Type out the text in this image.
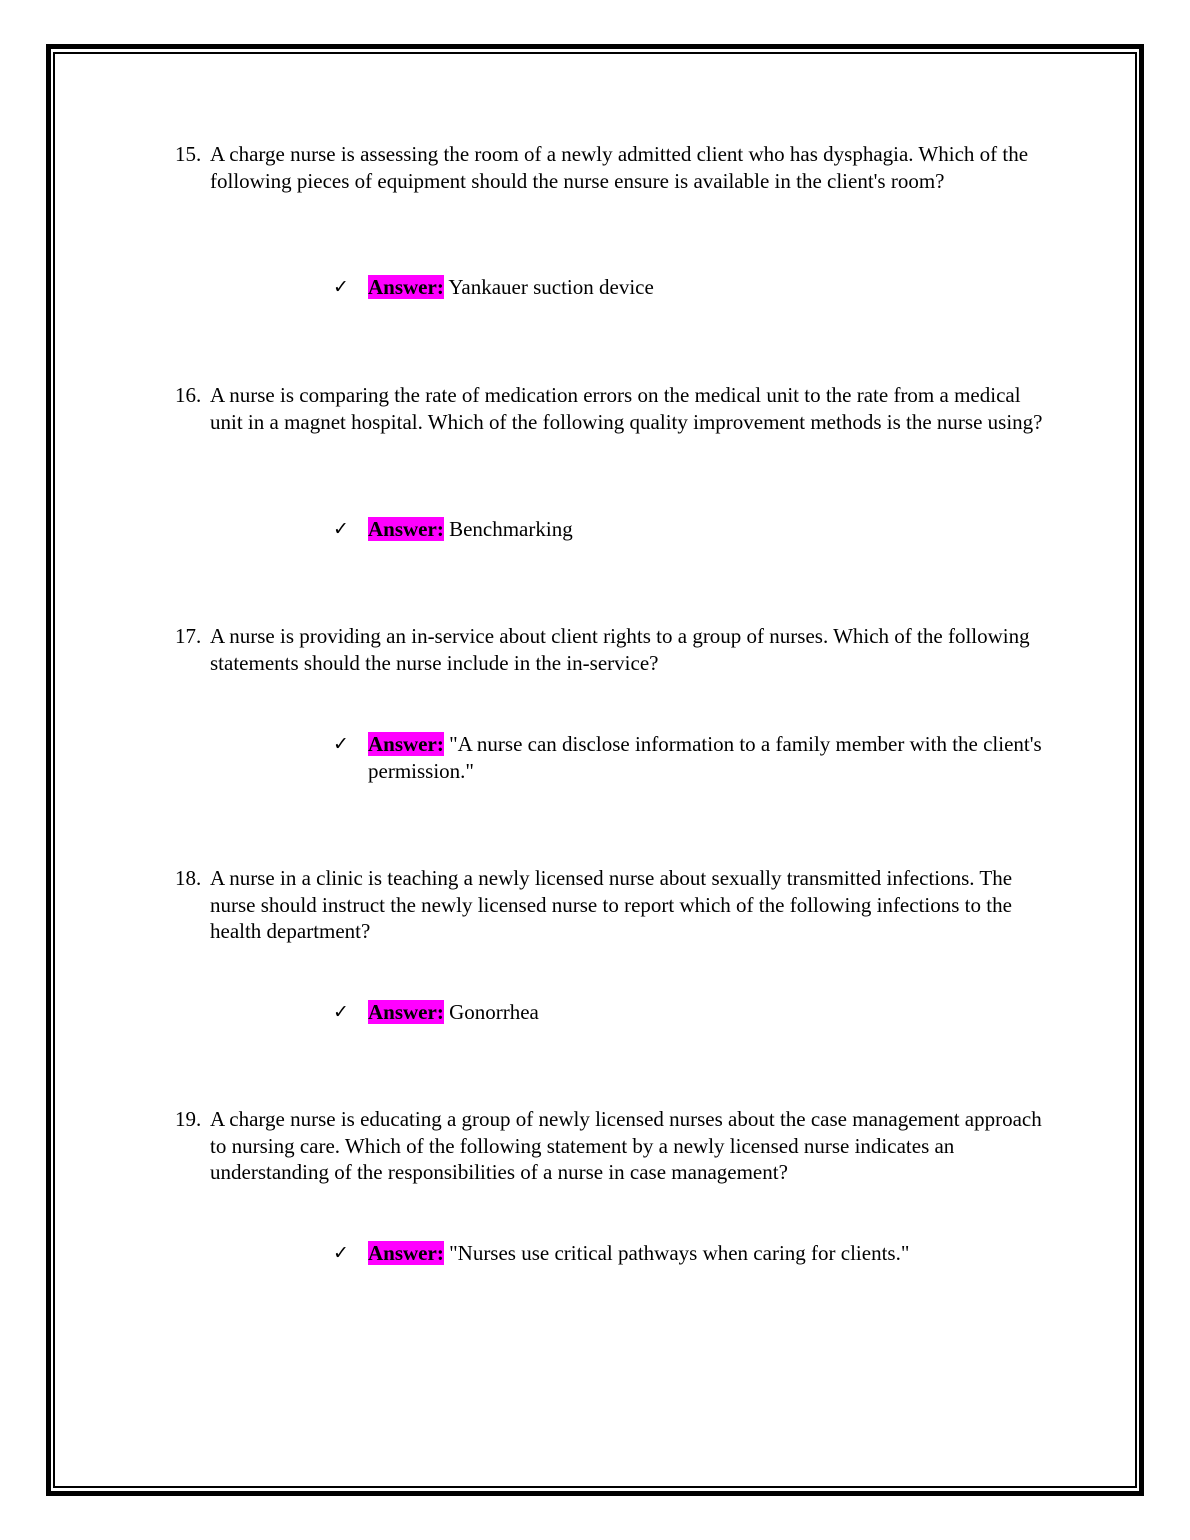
15. A charge nurse is assessing the room of a newly admitted client who has dysphagia. Which of the following pieces of equipment should the nurse ensure is available in the client's room?
✓ Answer: Yankauer suction device
16. A nurse is comparing the rate of medication errors on the medical unit to the rate from a medical unit in a magnet hospital. Which of the following quality improvement methods is the nurse using?
✓ Answer: Benchmarking
17. A nurse is providing an in-service about client rights to a group of nurses. Which of the following statements should the nurse include in the in-service?
✓ Answer: "A nurse can disclose information to a family member with the client's permission."
18. A nurse in a clinic is teaching a newly licensed nurse about sexually transmitted infections. The nurse should instruct the newly licensed nurse to report which of the following infections to the health department?
✓ Answer: Gonorrhea
19. A charge nurse is educating a group of newly licensed nurses about the case management approach to nursing care. Which of the following statement by a newly licensed nurse indicates an understanding of the responsibilities of a nurse in case management?
✓ Answer: "Nurses use critical pathways when caring for clients."
